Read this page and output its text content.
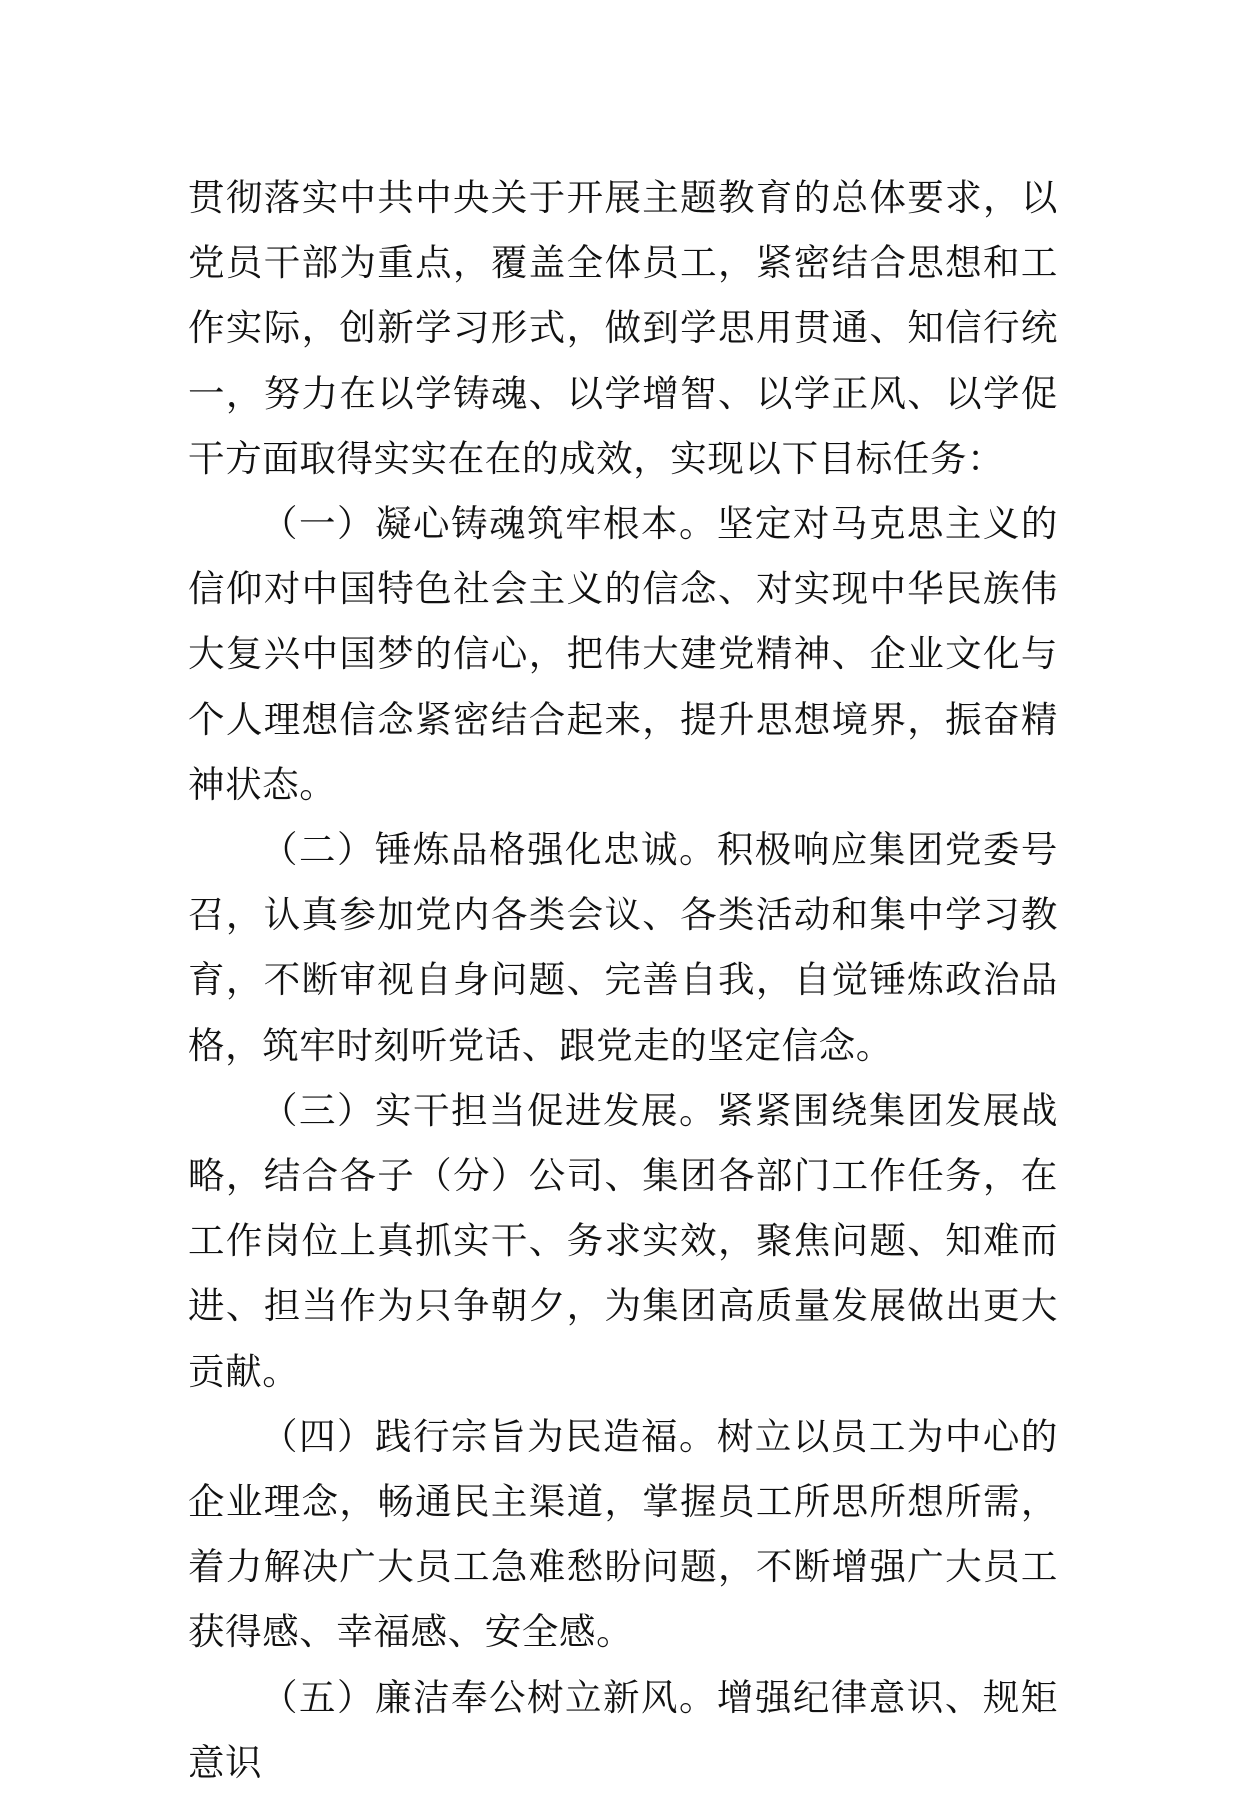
贯彻落实中共中央关于开展主题教育的总体要求，以党员干部为重点，覆盖全体员工，紧密结合思想和工作实际，创新学习形式，做到学思用贯通、知信行统一，努力在以学铸魂、以学增智、以学正风、以学促干方面取得实实在在的成效，实现以下目标任务：

（一）凝心铸魂筑牢根本。坚定对马克思主义的信仰对中国特色社会主义的信念、对实现中华民族伟大复兴中国梦的信心，把伟大建党精神、企业文化与个人理想信念紧密结合起来，提升思想境界，振奋精神状态。

（二）锤炼品格强化忠诚。积极响应集团党委号召，认真参加党内各类会议、各类活动和集中学习教育，不断审视自身问题、完善自我，自觉锤炼政治品格，筑牢时刻听党话、跟党走的坚定信念。

（三）实干担当促进发展。紧紧围绕集团发展战略，结合各子（分）公司、集团各部门工作任务，在工作岗位上真抓实干、务求实效，聚焦问题、知难而进、担当作为只争朝夕，为集团高质量发展做出更大贡献。

（四）践行宗旨为民造福。树立以员工为中心的企业理念，畅通民主渠道，掌握员工所思所想所需，着力解决广大员工急难愁盼问题，不断增强广大员工获得感、幸福感、安全感。

（五）廉洁奉公树立新风。增强纪律意识、规矩意识
